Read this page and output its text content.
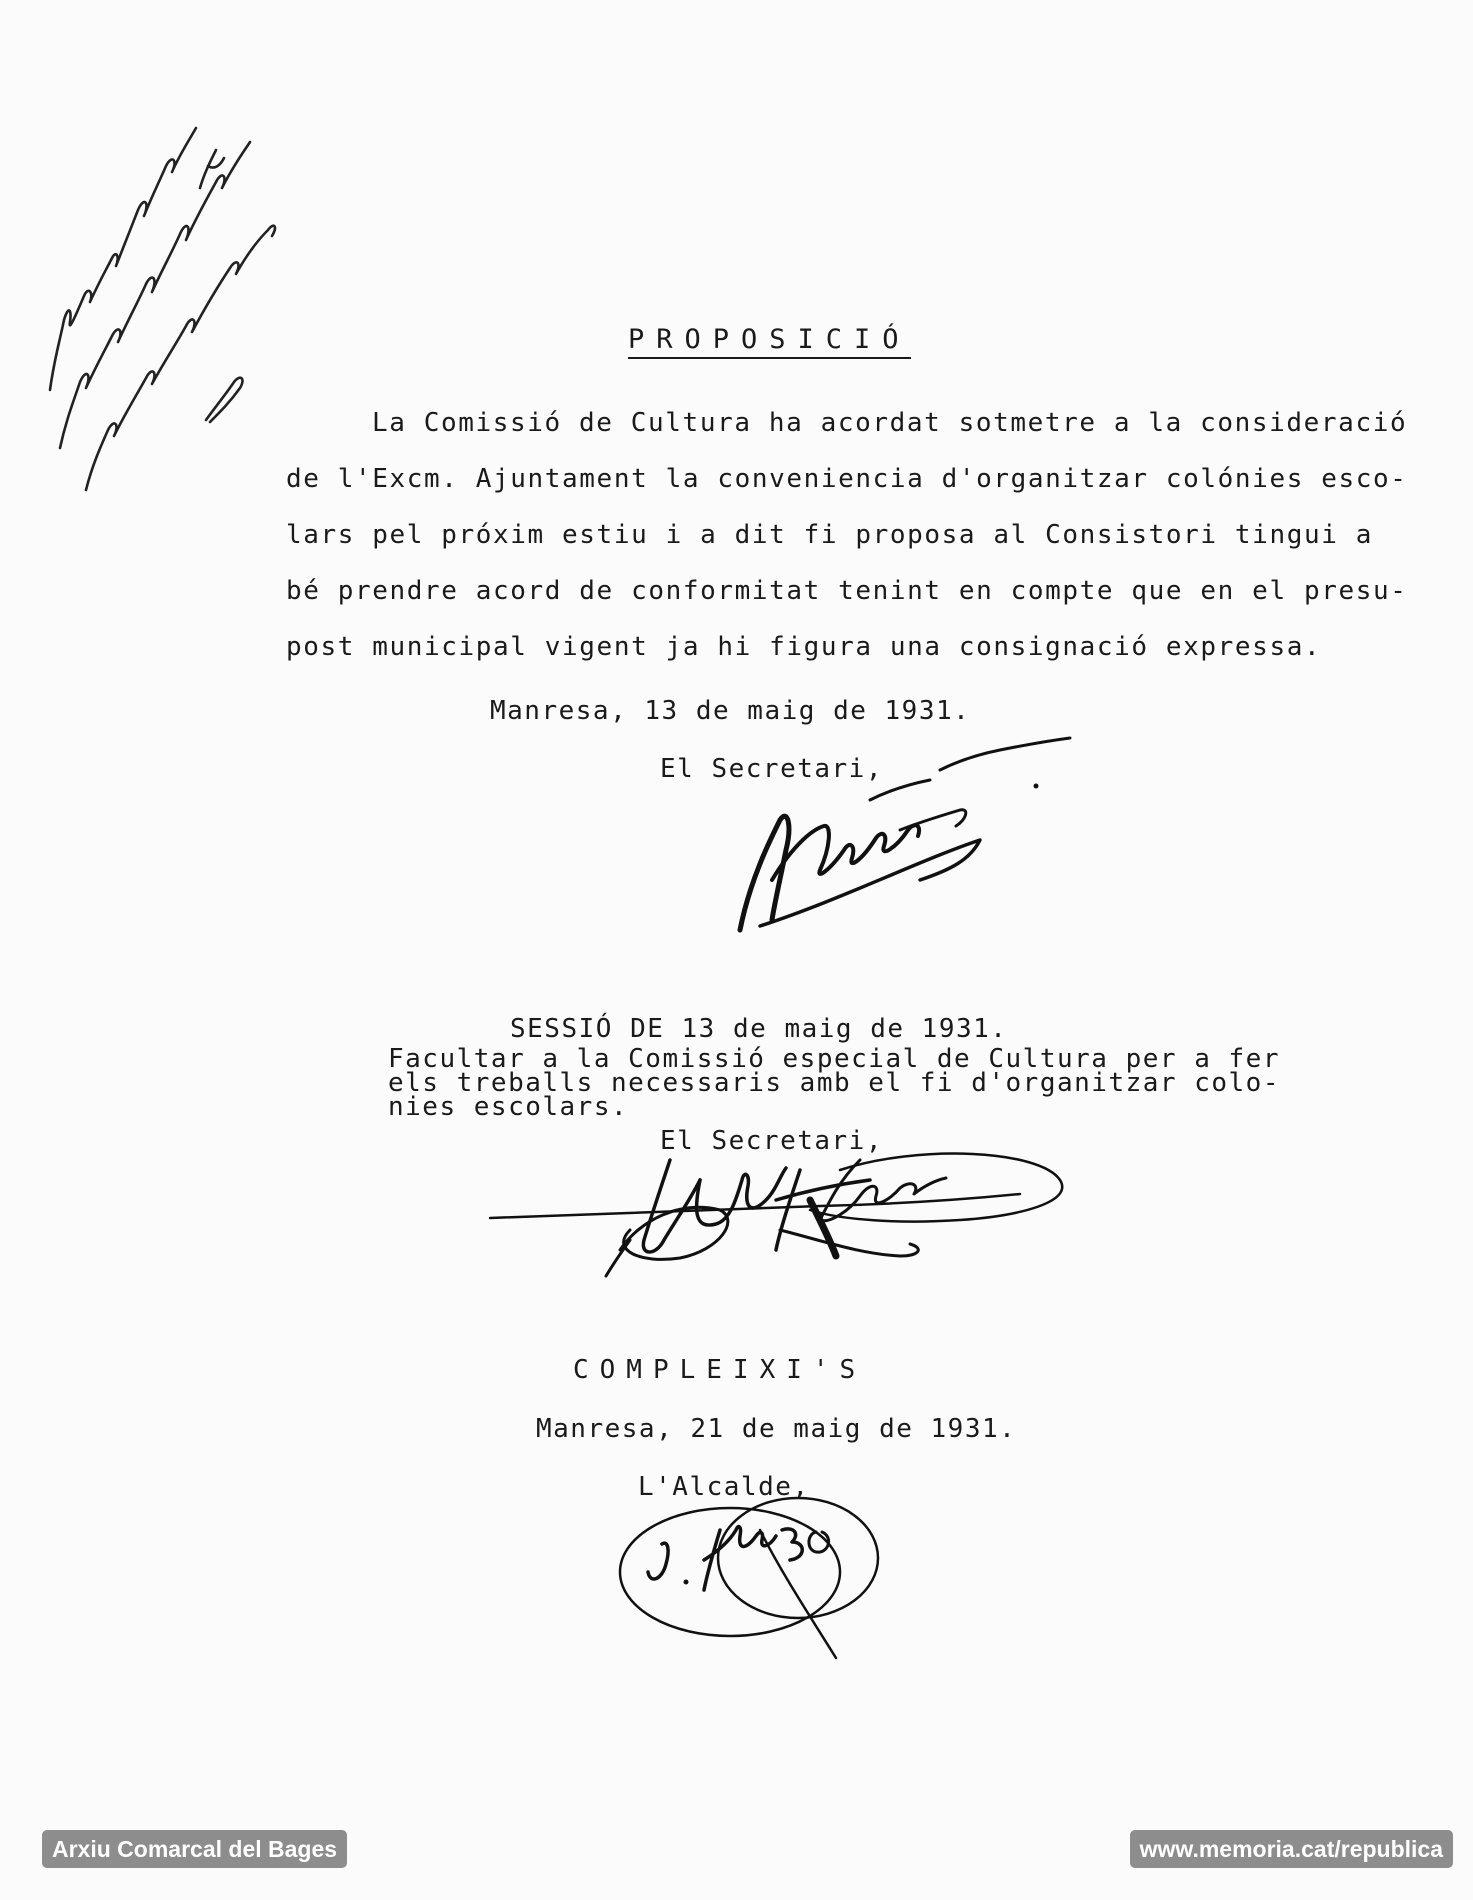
PROPOSICIÓ
La Comissió de Cultura ha acordat sotmetre a la consideració
de l'Excm. Ajuntament la conveniencia d'organitzar colónies esco-
lars pel próxim estiu i a dit fi proposa al Consistori tingui a
bé prendre acord de conformitat tenint en compte que en el presu-
post municipal vigent ja hi figura una consignació expressa.
Manresa, 13 de maig de 1931.
El Secretari,
SESSIÓ DE 13 de maig de 1931.
Facultar a la Comissió especial de Cultura per a fer
els treballs necessaris amb el fi d'organitzar colo-
nies escolars.
El Secretari,
COMPLEIXI'S
Manresa, 21 de maig de 1931.
L'Alcalde,
Arxiu Comarcal del Bages	www.memoria.cat/republica
